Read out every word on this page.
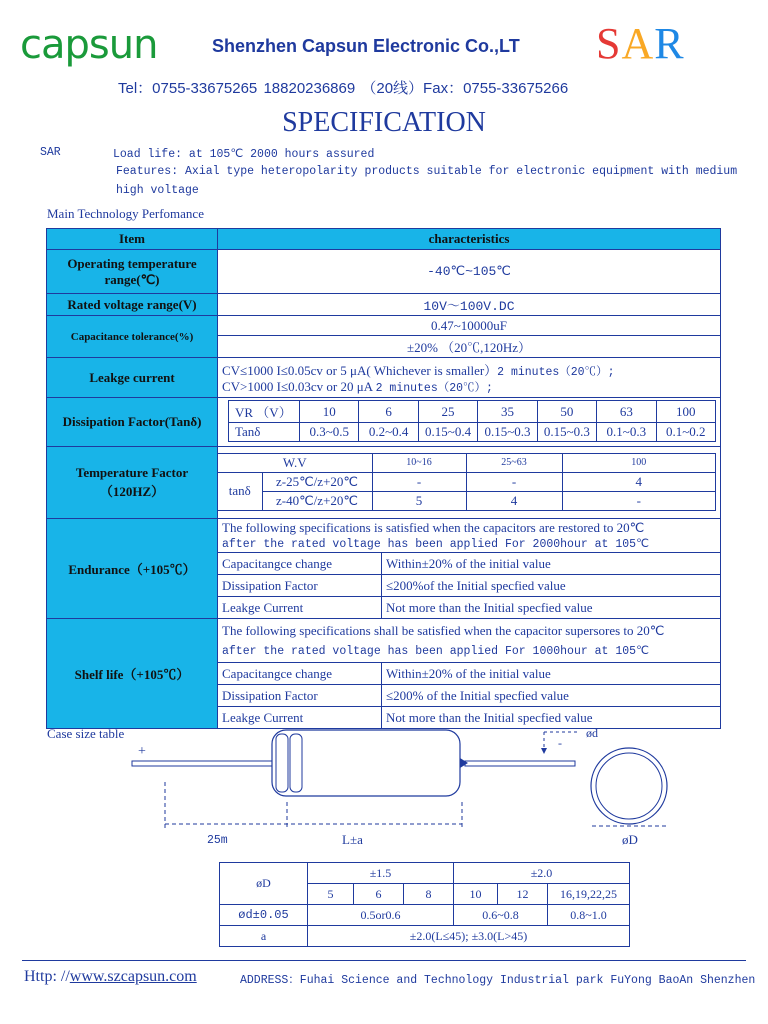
capsun	Shenzhen Capsun Electronic Co.,LT SAR
Tel：0755-33675265 18820236869 （20线）Fax：0755-33675266
SPECIFICATION
SAR	Load life: at 105℃ 2000 hours assured
Features: Axial type heteropolarity products suitable for electronic equipment with medium
high voltage
Main Technology Perfomance
Item	characteristics
Operating temperature range(℃)	-40℃~105℃
Rated voltage range(V)	10V～100V.DC
Capacitance tolerance(%)	0.47~10000uF
±20% （20℃,120Hz）
Leakge current	CV≤1000 I≤0.05cv or 5 μA( Whichever is smaller）2 minutes（20℃）;
CV>1000 I≤0.03cv or 20 μA 2 minutes（20℃）;

Dissipation Factor(Tanδ)	
VR （V）	10	6	25	35	50	63	100
Tanδ	0.3~0.5	0.2~0.4	0.15~0.4	0.15~0.3	0.15~0.3	0.1~0.3	0.1~0.2

Temperature Factor（120HZ）	
W.V	10~16	25~63	100
tanδ	z-25℃/z+20℃	-	-	4
z-40℃/z+20℃	5	4	-

Endurance（+105℃）	
The following specifications is satisfied when the capacitors are restored to 20℃
after the rated voltage has been applied For 2000hour at 105℃

Capacitangce change	Within±20% of the initial value
Dissipation Factor	≤200%of the Initial specfied value
Leakge Current	Not more than the Initial specfied value
Shelf life（+105℃）	
The following specifications shall be satisfied when the capacitor supersores to 20℃
after the rated voltage has been applied For 1000hour at 105℃

Capacitangce change	Within±20% of the initial value
Dissipation Factor	≤200% of the Initial specfied value
Leakge Current	Not more than the Initial specfied value
Case size table
+
-
25m	L±a
ød
øD
øD	±1.5			±2.0		
	5	6	8	10	12	16,19,22,25
ød±0.05	0.5or0.6			0.6~0.8		0.8~1.0
a	±2.0(L≤45); ±3.0(L>45)					
Http: //www.szcapsun.com	ADDRESS：Fuhai Science and Technology Industrial park FuYong BaoAn Shenzhen
